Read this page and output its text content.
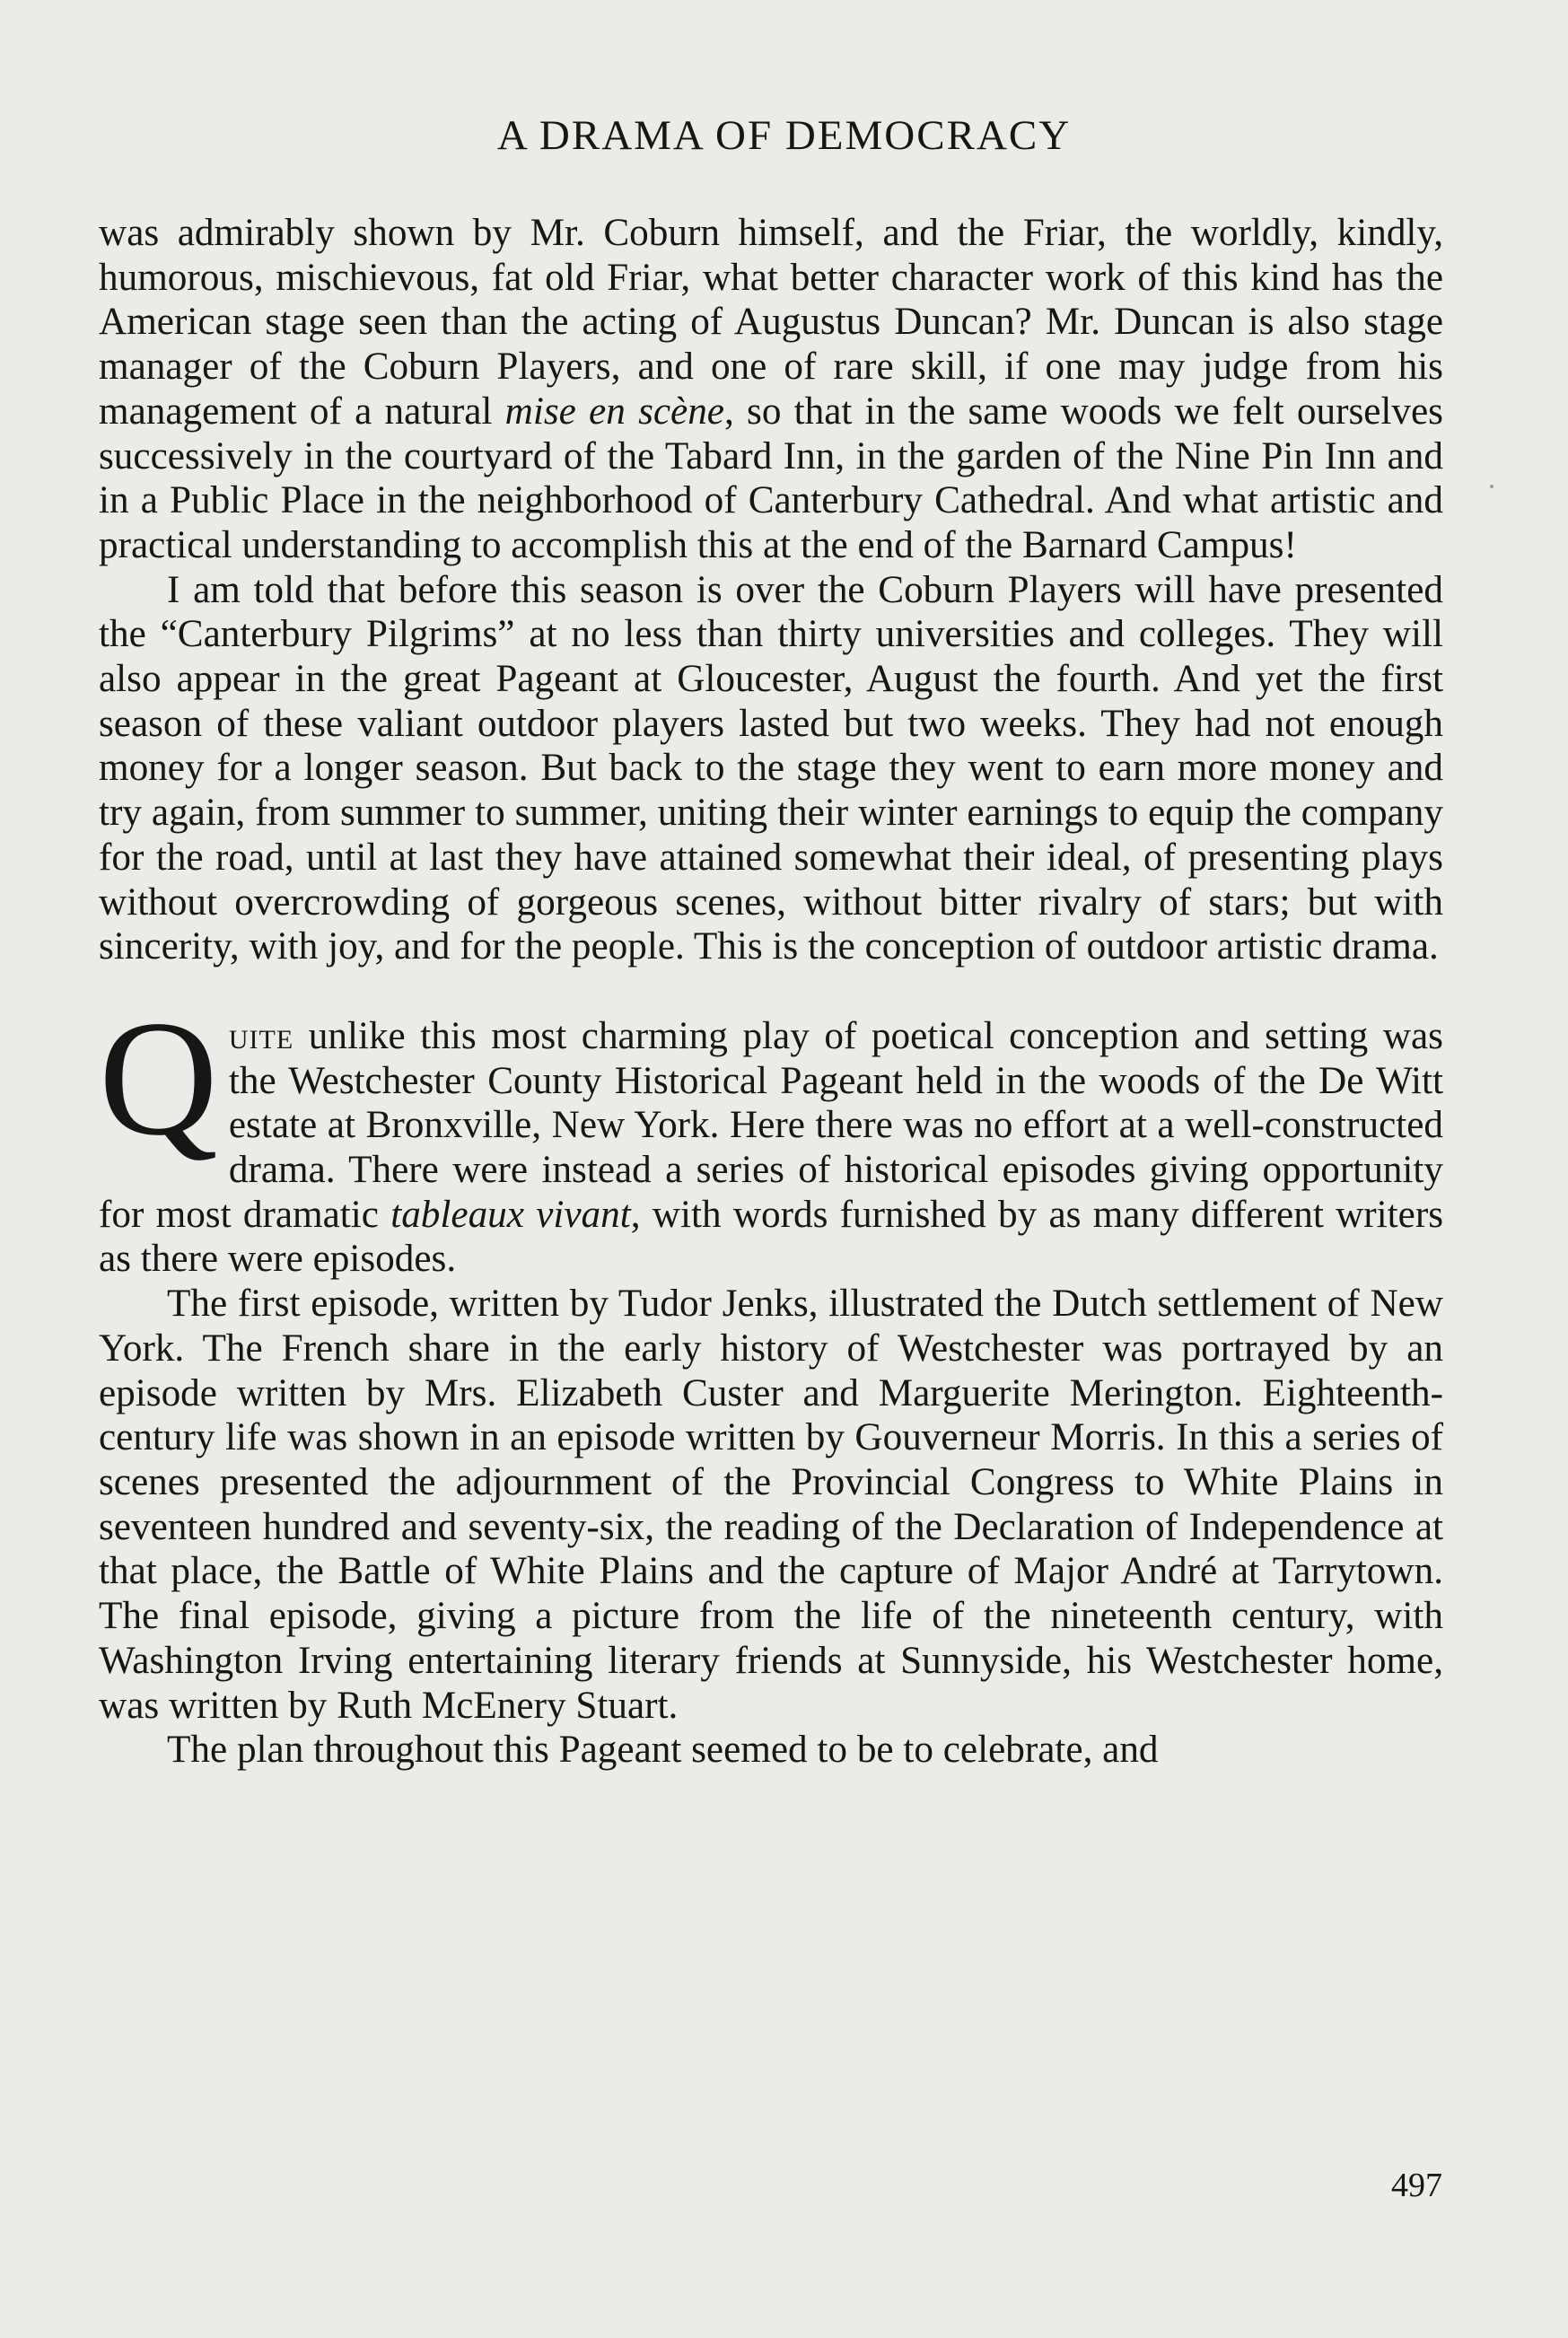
A DRAMA OF DEMOCRACY

was admirably shown by Mr. Coburn himself, and the Friar, the worldly, kindly, humorous, mischievous, fat old Friar, what better character work of this kind has the American stage seen than the acting of Augustus Duncan? Mr. Duncan is also stage manager of the Coburn Players, and one of rare skill, if one may judge from his management of a natural mise en scène, so that in the same woods we felt ourselves successively in the courtyard of the Tabard Inn, in the garden of the Nine Pin Inn and in a Public Place in the neighborhood of Canterbury Cathedral. And what artistic and practical understanding to accomplish this at the end of the Barnard Campus!

I am told that before this season is over the Coburn Players will have presented the “Canterbury Pilgrims” at no less than thirty universities and colleges. They will also appear in the great Pageant at Gloucester, August the fourth. And yet the first season of these valiant outdoor players lasted but two weeks. They had not enough money for a longer season. But back to the stage they went to earn more money and try again, from summer to summer, uniting their winter earnings to equip the company for the road, until at last they have attained somewhat their ideal, of presenting plays without overcrowding of gorgeous scenes, without bitter rivalry of stars; but with sincerity, with joy, and for the people. This is the conception of outdoor artistic drama.

Quite unlike this most charming play of poetical conception and setting was the Westchester County Historical Pageant held in the woods of the De Witt estate at Bronxville, New York. Here there was no effort at a well-constructed drama. There were instead a series of historical episodes giving opportunity for most dramatic tableaux vivant, with words furnished by as many different writers as there were episodes.

The first episode, written by Tudor Jenks, illustrated the Dutch settlement of New York. The French share in the early history of Westchester was portrayed by an episode written by Mrs. Elizabeth Custer and Marguerite Merington. Eighteenth-century life was shown in an episode written by Gouverneur Morris. In this a series of scenes presented the adjournment of the Provincial Congress to White Plains in seventeen hundred and seventy-six, the reading of the Declaration of Independence at that place, the Battle of White Plains and the capture of Major André at Tarrytown. The final episode, giving a picture from the life of the nineteenth century, with Washington Irving entertaining literary friends at Sunnyside, his Westchester home, was written by Ruth McEnery Stuart.

The plan throughout this Pageant seemed to be to celebrate, and

497
